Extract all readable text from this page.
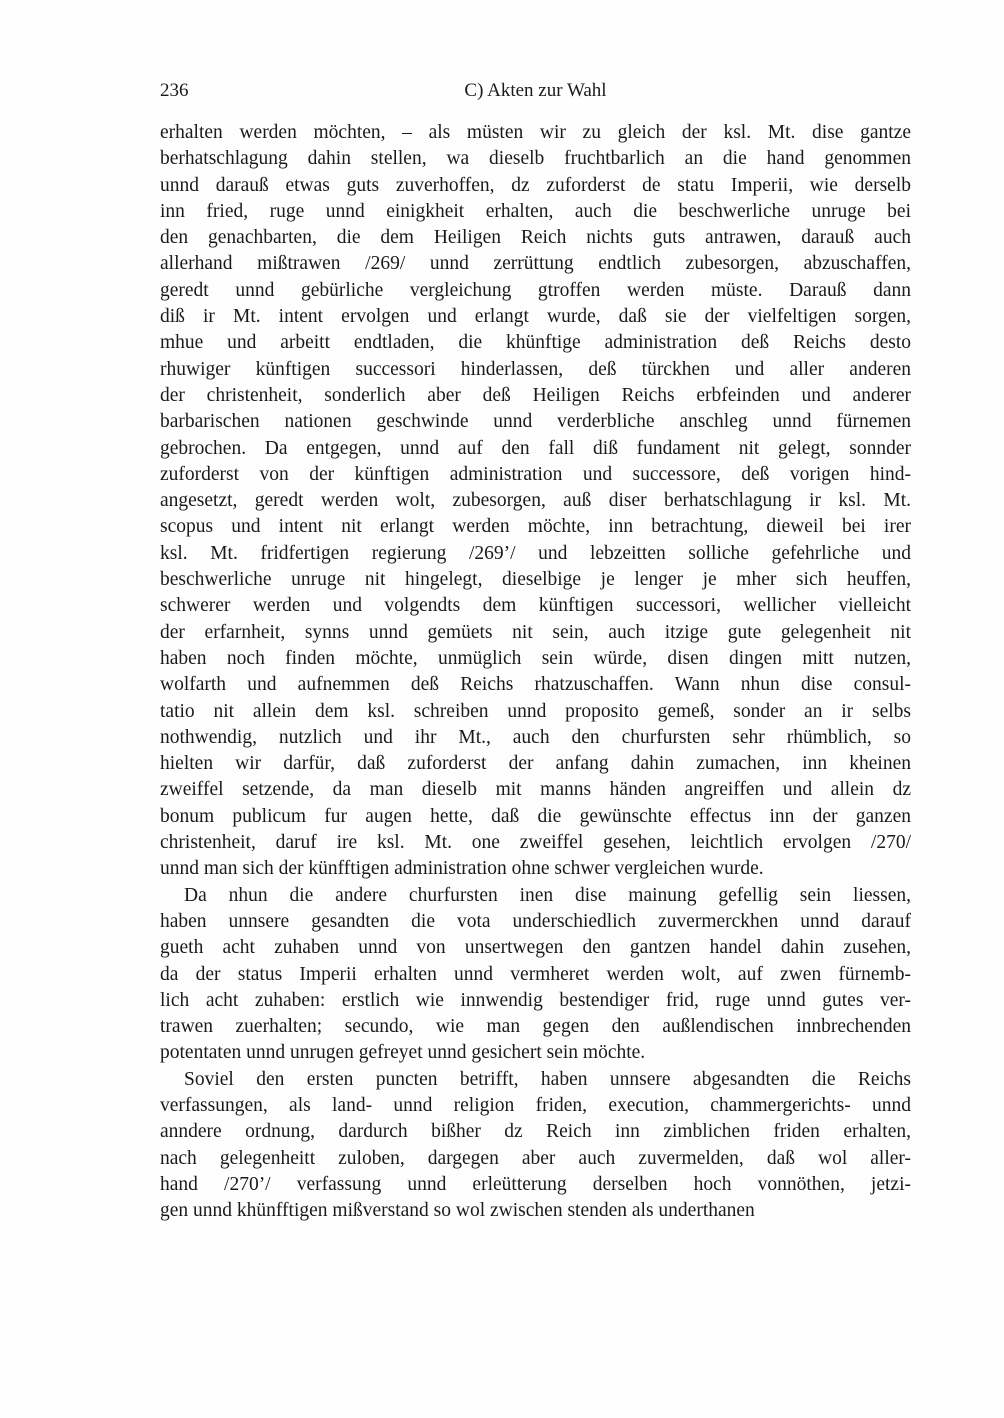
236	C) Akten zur Wahl
erhalten werden möchten, – als müsten wir zu gleich der ksl. Mt. dise gantze
berhatschlagung dahin stellen, wa dieselb fruchtbarlich an die hand genommen
unnd darauß etwas guts zuverhoffen, dz zuforderst de statu Imperii, wie derselb
inn fried, ruge unnd einigkheit erhalten, auch die beschwerliche unruge bei
den genachbarten, die dem Heiligen Reich nichts guts antrawen, darauß auch
allerhand mißtrawen /269/ unnd zerrüttung endtlich zubesorgen, abzuschaffen,
geredt unnd gebürliche vergleichung gtroffen werden müste. Darauß dann
diß ir Mt. intent ervolgen und erlangt wurde, daß sie der vielfeltigen sorgen,
mhue und arbeitt endtladen, die khünftige administration deß Reichs desto
rhuwiger künftigen successori hinderlassen, deß türckhen und aller anderen
der christenheit, sonderlich aber deß Heiligen Reichs erbfeinden und anderer
barbarischen nationen geschwinde unnd verderbliche anschleg unnd fürnemen
gebrochen. Da entgegen, unnd auf den fall diß fundament nit gelegt, sonnder
zuforderst von der künftigen administration und successore, deß vorigen hind-
angesetzt, geredt werden wolt, zubesorgen, auß diser berhatschlagung ir ksl. Mt.
scopus und intent nit erlangt werden möchte, inn betrachtung, dieweil bei irer
ksl. Mt. fridfertigen regierung /269’/ und lebzeitten solliche gefehrliche und
beschwerliche unruge nit hingelegt, dieselbige je lenger je mher sich heuffen,
schwerer werden und volgendts dem künftigen successori, wellicher vielleicht
der erfarnheit, synns unnd gemüets nit sein, auch itzige gute gelegenheit nit
haben noch finden möchte, unmüglich sein würde, disen dingen mitt nutzen,
wolfarth und aufnemmen deß Reichs rhatzuschaffen. Wann nhun dise consul-
tatio nit allein dem ksl. schreiben unnd proposito gemeß, sonder an ir selbs
nothwendig, nutzlich und ihr Mt., auch den churfursten sehr rhümblich, so
hielten wir darfür, daß zuforderst der anfang dahin zumachen, inn kheinen
zweiffel setzende, da man dieselb mit manns händen angreiffen und allein dz
bonum publicum fur augen hette, daß die gewünschte effectus inn der ganzen
christenheit, daruf ire ksl. Mt. one zweiffel gesehen, leichtlich ervolgen /270/
unnd man sich der künfftigen administration ohne schwer vergleichen wurde.
Da nhun die andere churfursten inen dise mainung gefellig sein liessen,
haben unnsere gesandten die vota underschiedlich zuvermerckhen unnd darauf
gueth acht zuhaben unnd von unsertwegen den gantzen handel dahin zusehen,
da der status Imperii erhalten unnd vermheret werden wolt, auf zwen fürnemb-
lich acht zuhaben: erstlich wie innwendig bestendiger frid, ruge unnd gutes ver-
trawen zuerhalten; secundo, wie man gegen den außlendischen innbrechenden
potentaten unnd unrugen gefreyet unnd gesichert sein möchte.
Soviel den ersten puncten betrifft, haben unnsere abgesandten die Reichs
verfassungen, als land- unnd religion friden, execution, chammergerichts- unnd
anndere ordnung, dardurch bißher dz Reich inn zimblichen friden erhalten,
nach gelegenheitt zuloben, dargegen aber auch zuvermelden, daß wol aller-
hand /270’/ verfassung unnd erleütterung derselben hoch vonnöthen, jetzi-
gen unnd khünfftigen mißverstand so wol zwischen stenden als underthanen
